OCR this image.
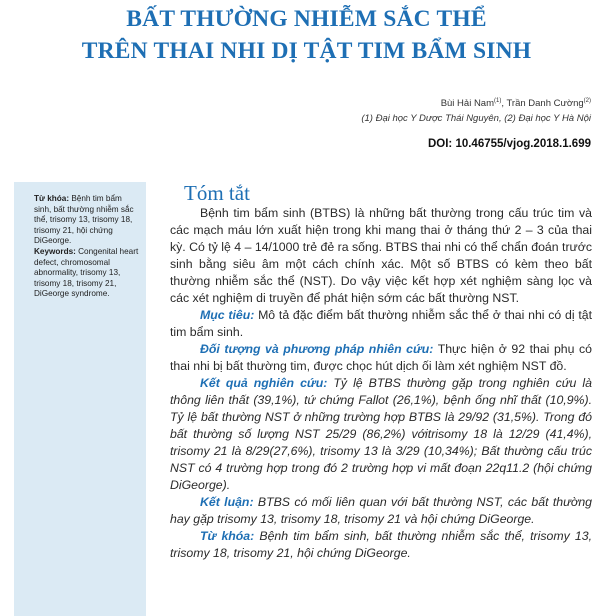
BẤT THƯỜNG NHIỄM SẮC THỂ
TRÊN THAI NHI DỊ TẬT TIM BẨM SINH
Bùi Hải Nam$^{(1)}$, Trần Danh Cường$^{(2)}$
(1) Đại học Y Dược Thái Nguyên, (2) Đại học Y Hà Nội
DOI: 10.46755/vjog.2018.1.699
Từ khóa: Bệnh tim bẩm sinh, bất thường nhiễm sắc thể, trisomy 13, trisomy 18, trisomy 21, hội chứng DiGeorge.
Keywords: Congenital heart defect, chromosomal abnormality, trisomy 13, trisomy 18, trisomy 21, DiGeorge syndrome.
Tóm tắt

Bệnh tim bẩm sinh (BTBS) là những bất thường trong cấu trúc tim và các mạch máu lớn xuất hiện trong khi mang thai ở tháng thứ 2 – 3 của thai kỳ. Có tỷ lệ 4 – 14/1000 trẻ đẻ ra sống. BTBS thai nhi có thể chẩn đoán trước sinh bằng siêu âm một cách chính xác. Một số BTBS có kèm theo bất thường nhiễm sắc thể (NST). Do vậy việc kết hợp xét nghiệm sàng lọc và các xét nghiệm di truyền để phát hiện sớm các bất thường NST.

Mục tiêu: Mô tả đặc điểm bất thường nhiễm sắc thể ở thai nhi có dị tật tim bẩm sinh.

Đối tượng và phương pháp nhiên cứu: Thực hiện ở 92 thai phụ có thai nhi bị bất thường tim, được chọc hút dịch ối làm xét nghiệm NST đồ.

Kết quả nghiên cứu: Tỷ lệ BTBS thường gặp trong nghiên cứu là thông liên thất (39,1%), tứ chứng Fallot (26,1%), bệnh ống nhĩ thất (10,9%). Tỷ lệ bất thường NST ở những trường hợp BTBS là 29/92 (31,5%). Trong đó bất thường số lượng NST 25/29 (86,2%) vớitrisomy 18 là 12/29 (41,4%), trisomy 21 là 8/29(27,6%), trisomy 13 là 3/29 (10,34%); Bất thường cấu trúc NST có 4 trường hợp trong đó 2 trường hợp vi mất đoạn 22q11.2 (hội chứng DiGeorge).

Kết luận: BTBS có mối liên quan với bất thường NST, các bất thường hay gặp trisomy 13, trisomy 18, trisomy 21 và hội chứng DiGeorge.

Từ khóa: Bệnh tim bẩm sinh, bất thường nhiễm sắc thể, trisomy 13, trisomy 18, trisomy 21, hội chứng DiGeorge.
